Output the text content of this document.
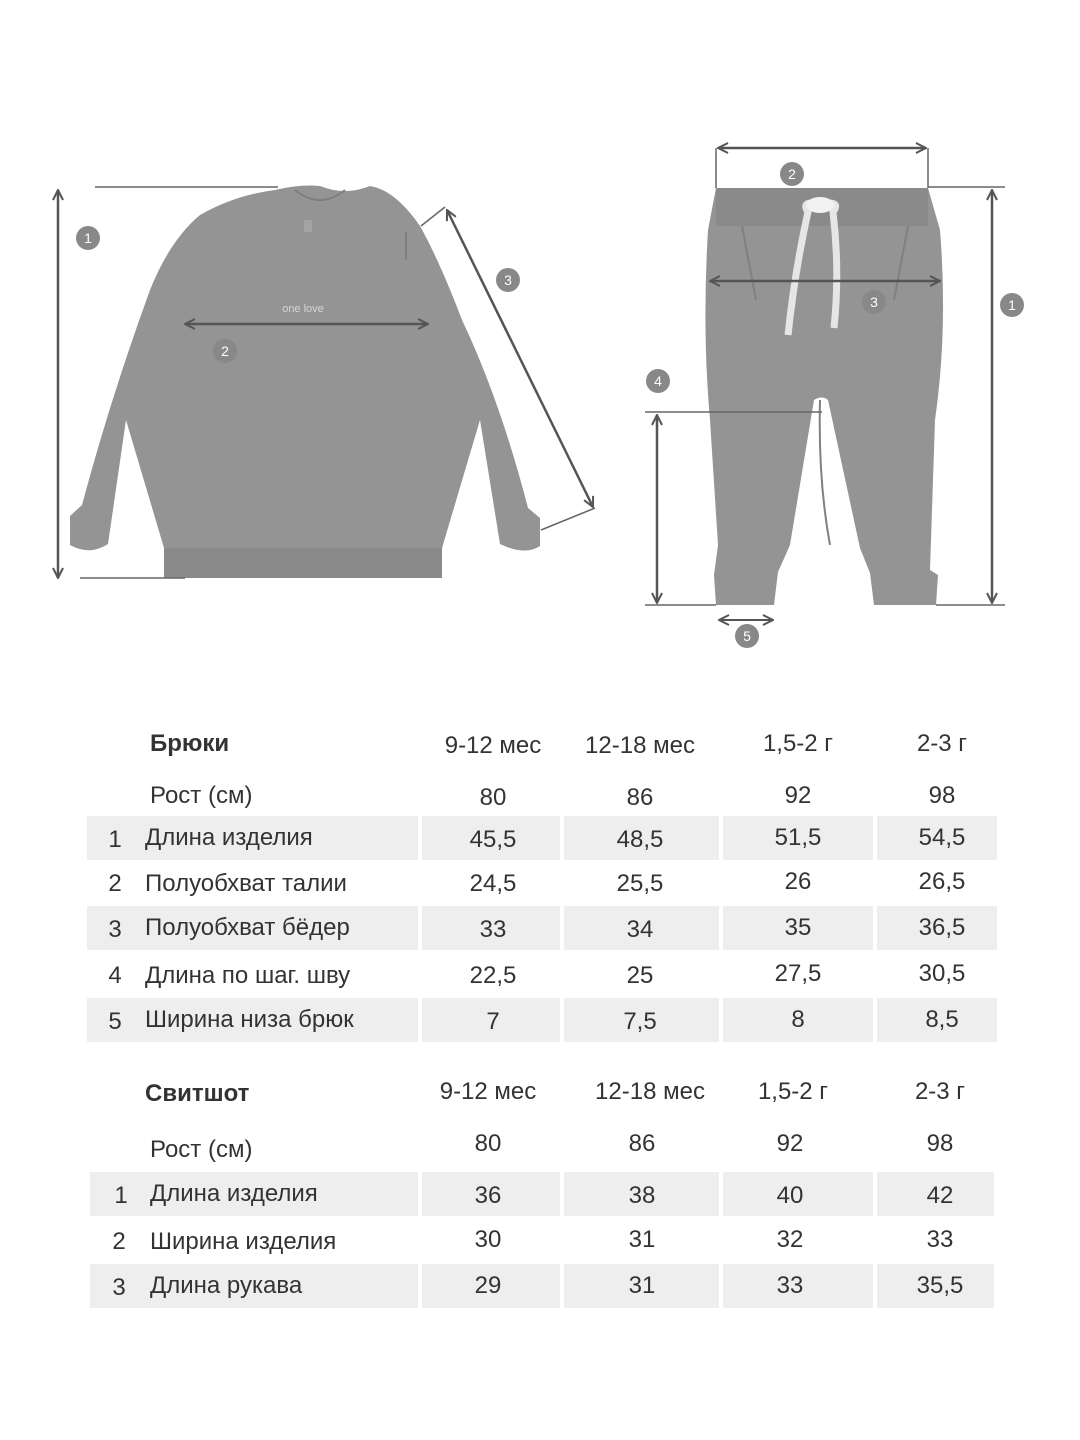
one love
1
2
3
1
2
3
4
5
Брюки	9-12 мес	12-18 мес	1,5-2 г	2-3 г
Рост (см)	80	86	92	98
1 Длина изделия	45,5	48,5	51,5	54,5
2 Полуобхват талии	24,5	25,5	26	26,5
3 Полуобхват бёдер	33	34	35	36,5
4 Длина по шаг. шву	22,5	25	27,5	30,5
5 Ширина низа брюк	7	7,5	8	8,5
Свитшот	9-12 мес	12-18 мес	1,5-2 г	2-3 г
Рост (см)	80	86	92	98
1 Длина изделия	36	38	40	42
2	Ширина изделия	30	31	32	33
3	Длина рукава	29	31	33	35,5
